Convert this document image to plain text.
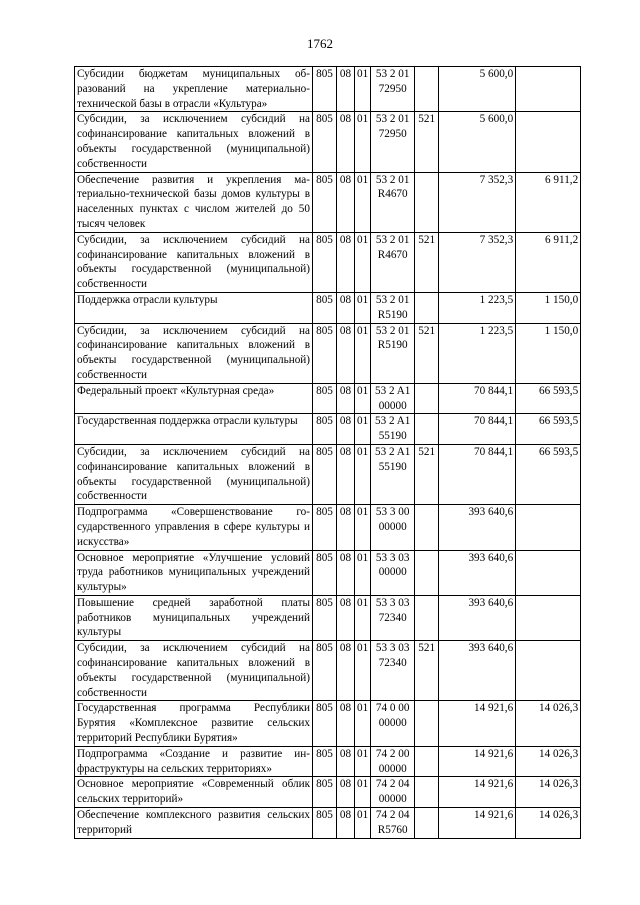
1762
Субсидии бюджетам муниципальных образований на укрепление материально-технической базы в отрасли «Культура»	805	08	01	53 2 01 72950		5 600,0	
Субсидии, за исключением субсидий на софинансирование капитальных вложений в объекты государственной (муниципальной) собственности	805	08	01	53 2 01 72950	521	5 600,0	
Обеспечение развития и укрепления материально-технической базы домов культуры в населенных пунктах с числом жителей до 50 тысяч человек	805	08	01	53 2 01 R4670		7 352,3	6 911,2
Субсидии, за исключением субсидий на софинансирование капитальных вложений в объекты государственной (муниципальной) собственности	805	08	01	53 2 01 R4670	521	7 352,3	6 911,2
Поддержка отрасли культуры	805	08	01	53 2 01 R5190		1 223,5	1 150,0
Субсидии, за исключением субсидий на софинансирование капитальных вложений в объекты государственной (муниципальной) собственности	805	08	01	53 2 01 R5190	521	1 223,5	1 150,0
Федеральный проект «Культурная среда»	805	08	01	53 2 A1 00000		70 844,1	66 593,5
Государственная поддержка отрасли культуры	805	08	01	53 2 A1 55190		70 844,1	66 593,5
Субсидии, за исключением субсидий на софинансирование капитальных вложений в объекты государственной (муниципальной) собственности	805	08	01	53 2 A1 55190	521	70 844,1	66 593,5
Подпрограмма «Совершенствование государственного управления в сфере культуры и искусства»	805	08	01	53 3 00 00000		393 640,6	
Основное мероприятие «Улучшение условий труда работников муниципальных учреждений культуры»	805	08	01	53 3 03 00000		393 640,6	
Повышение средней заработной платы работников муниципальных учреждений культуры	805	08	01	53 3 03 72340		393 640,6	
Субсидии, за исключением субсидий на софинансирование капитальных вложений в объекты государственной (муниципальной) собственности	805	08	01	53 3 03 72340	521	393 640,6	
Государственная программа Республики Бурятия «Комплексное развитие сельских территорий Республики Бурятия»	805	08	01	74 0 00 00000		14 921,6	14 026,3
Подпрограмма «Создание и развитие инфраструктуры на сельских территориях»	805	08	01	74 2 00 00000		14 921,6	14 026,3
Основное мероприятие «Современный облик сельских территорий»	805	08	01	74 2 04 00000		14 921,6	14 026,3
Обеспечение комплексного развития сельских территорий	805	08	01	74 2 04 R5760		14 921,6	14 026,3
